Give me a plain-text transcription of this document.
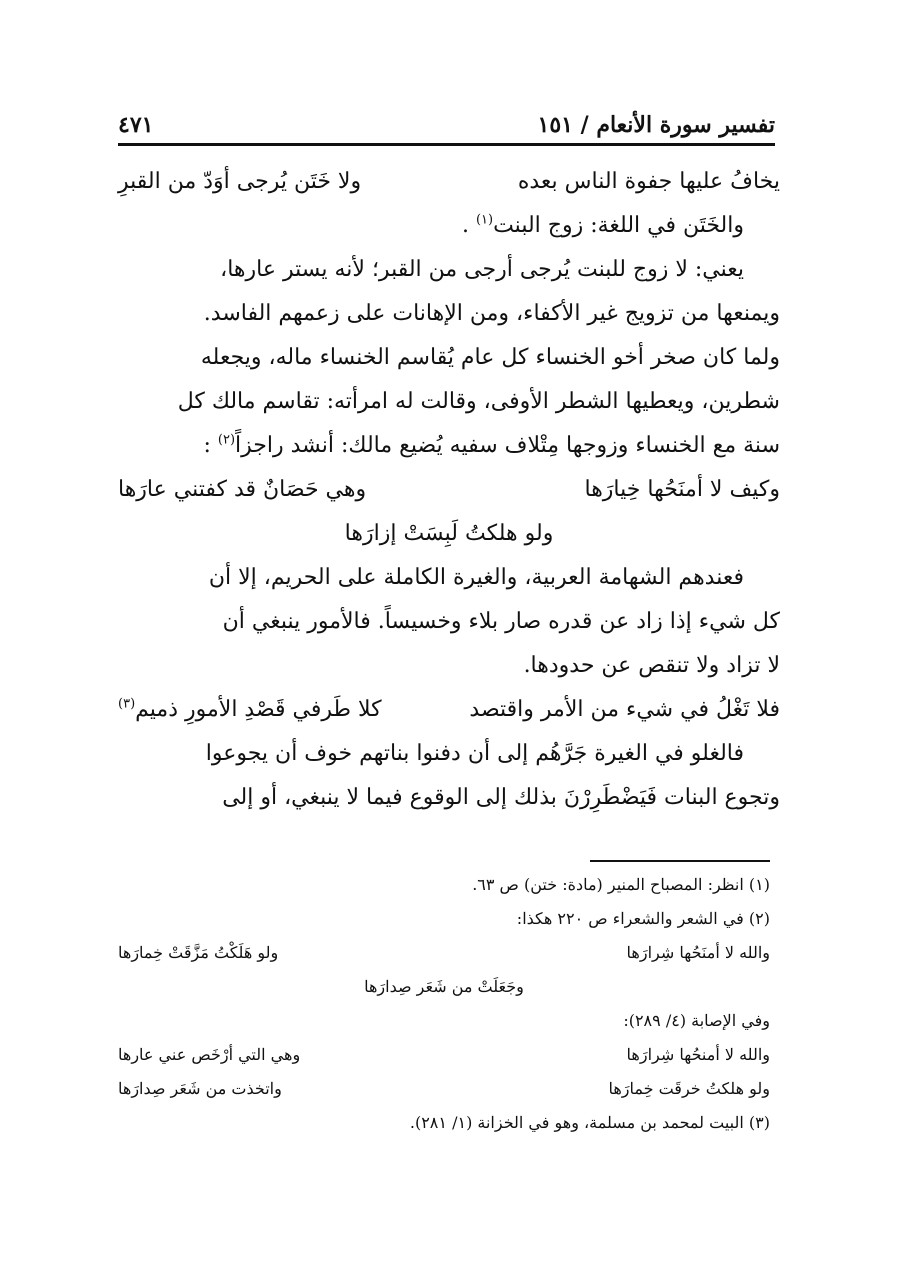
تفسير سورة الأنعام / ١٥١
٤٧١
يخافُ عليها جفوة الناس بعده
ولا خَتَن يُرجى أوَدّ من القبرِ
والخَتَن في اللغة: زوج البنت$^{(١)}$ .
يعني: لا زوج للبنت يُرجى أرجى من القبر؛ لأنه يستر عارها،
ويمنعها من تزويج غير الأكفاء، ومن الإهانات على زعمهم الفاسد.
ولما كان صخر أخو الخنساء كل عام يُقاسم الخنساء ماله، ويجعله
شطرين، ويعطيها الشطر الأوفى، وقالت له امرأته: تقاسم مالك كل
سنة مع الخنساء وزوجها مِتْلاف سفيه يُضيع مالك: أنشد راجزاً$^{(٢)}$ :
وكيف لا أمنَحُها خِيارَها
وهي حَصَانٌ قد كفتني عارَها
ولو هلكتُ لَبِسَتْ إزارَها
فعندهم الشهامة العربية، والغيرة الكاملة على الحريم، إلا أن
كل شيء إذا زاد عن قدره صار بلاء وخسيساً. فالأمور ينبغي أن
لا تزاد ولا تنقص عن حدودها.
فلا تَغْلُ في شيء من الأمر واقتصد
كلا طَرفي قَصْدِ الأمورِ ذميم$^{(٣)}$
فالغلو في الغيرة جَرَّهُم إلى أن دفنوا بناتهم خوف أن يجوعوا
وتجوع البنات فَيَضْطَرِرْنَ بذلك إلى الوقوع فيما لا ينبغي، أو إلى
(١) انظر: المصباح المنير (مادة: ختن) ص ٦٣.
(٢) في الشعر والشعراء ص ٢٢٠ هكذا:
والله لا أمنَحُها شِرارَها
ولو هَلَكْتُ مَزَّقَتْ خِمارَها
وجَعَلَتْ من شَعَر صِدارَها
وفي الإصابة (٤/ ٢٨٩):
والله لا أمنحُها شِرارَها
وهي التي أرْخَص عني عارها
ولو هلكتُ خرقَت خِمارَها
واتخذت من شَعَر صِدارَها
(٣) البيت لمحمد بن مسلمة، وهو في الخزانة (١/ ٢٨١).
